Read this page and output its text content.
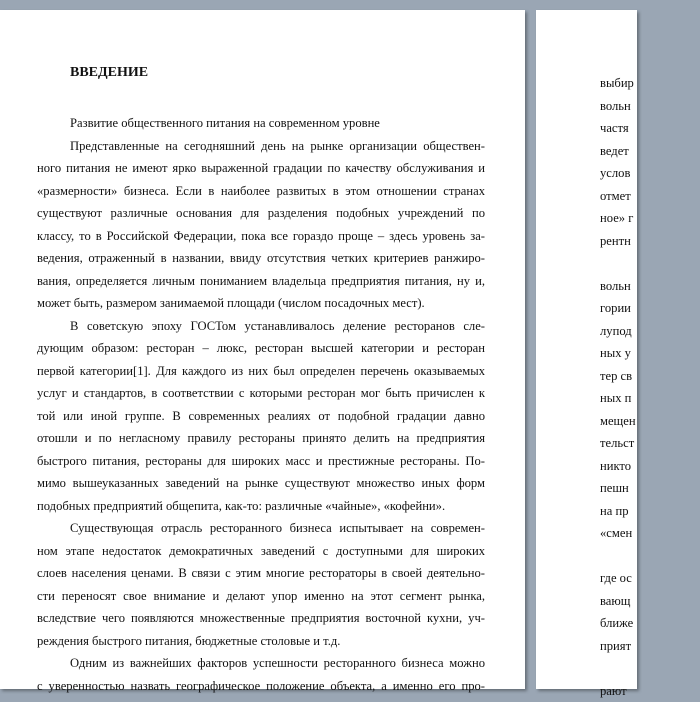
ВВЕДЕНИЕ
Развитие общественного питания на современном уровне
Представленные на сегодняшний день на рынке организации обществен-
ного питания не имеют ярко выраженной градации по качеству обслуживания и
«размерности» бизнеса. Если в наиболее развитых в этом отношении странах
существуют различные основания для разделения подобных учреждений по
классу, то в Российской Федерации, пока все гораздо проще – здесь уровень за-
ведения, отраженный в названии, ввиду отсутствия четких критериев ранжиро-
вания, определяется личным пониманием владельца предприятия питания, ну и,
может быть, размером занимаемой площади (числом посадочных мест).
В советскую эпоху ГОСТом устанавливалось деление ресторанов сле-
дующим образом: ресторан – люкс, ресторан высшей категории и ресторан
первой категории[1]. Для каждого из них был определен перечень оказываемых
услуг и стандартов, в соответствии с которыми ресторан мог быть причислен к
той или иной группе. В современных реалиях от подобной градации давно
отошли и по негласному правилу рестораны принято делить на предприятия
быстрого питания, рестораны для широких масс и престижные рестораны. По-
мимо вышеуказанных заведений на рынке существуют множество иных форм
подобных предприятий общепита, как-то: различные «чайные», «кофейни».
Существующая отрасль ресторанного бизнеса испытывает на современ-
ном этапе недостаток демократичных заведений с доступными для широких
слоев населения ценами. В связи с этим многие рестораторы в своей деятельно-
сти переносят свое внимание и делают упор именно на этот сегмент рынка,
вследствие чего появляются множественные предприятия восточной кухни, уч-
реждения быстрого питания, бюджетные столовые и т.д.
Одним из важнейших факторов успешности ресторанного бизнеса можно
с уверенностью назвать географическое положение объекта, а именно его про-
выбир
вольн
частя
ведет
услов
отмет
ное» г
рентн
вольн
гории
лупод
ных у
тер св
ных п
мещен
тельст
никто
пешн
на пр
«смен
где ос
вающ
ближе
прият
рают
